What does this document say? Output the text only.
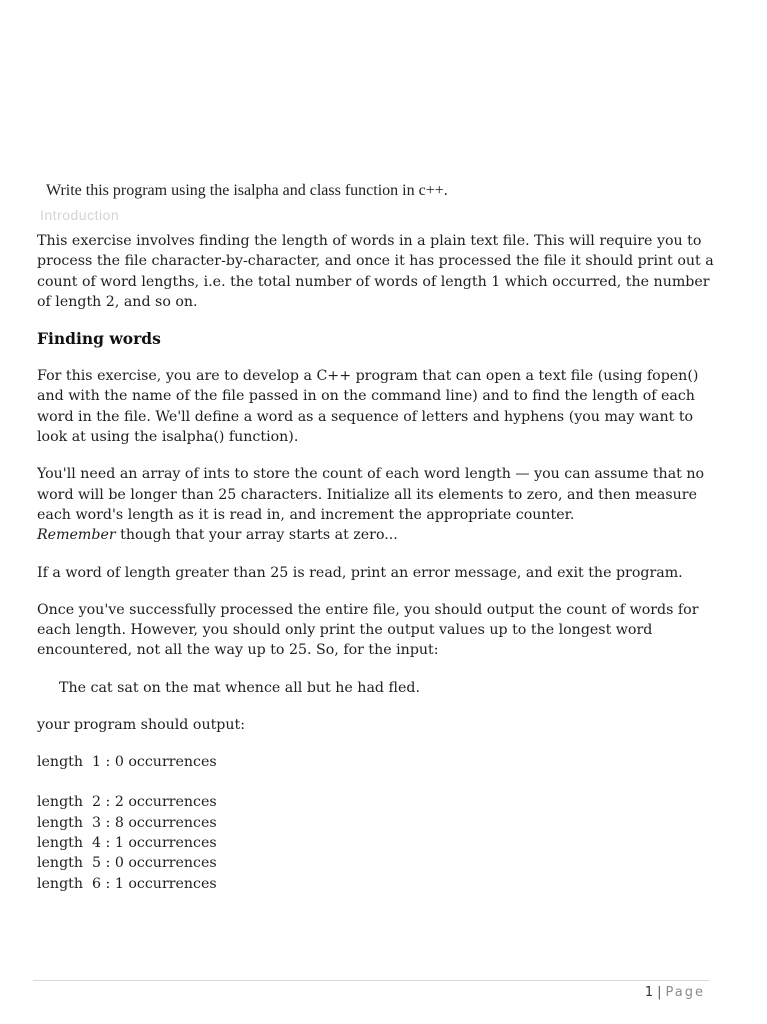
Write this program using the isalpha and class function in c++.

Introduction

This exercise involves finding the length of words in a plain text file. This will require you to process the file character-by-character, and once it has processed the file it should print out a count of word lengths, i.e. the total number of words of length 1 which occurred, the number of length 2, and so on.

Finding words

For this exercise, you are to develop a C++ program that can open a text file (using fopen() and with the name of the file passed in on the command line) and to find the length of each word in the file. We'll define a word as a sequence of letters and hyphens (you may want to look at using the isalpha() function).

You'll need an array of ints to store the count of each word length — you can assume that no word will be longer than 25 characters. Initialize all its elements to zero, and then measure each word's length as it is read in, and increment the appropriate counter.
Remember though that your array starts at zero...

If a word of length greater than 25 is read, print an error message, and exit the program.

Once you've successfully processed the entire file, you should output the count of words for each length. However, you should only print the output values up to the longest word encountered, not all the way up to 25. So, for the input:

The cat sat on the mat whence all but he had fled.

your program should output:

length  1 : 0 occurrences

length  2 : 2 occurrences

length  3 : 8 occurrences

length  4 : 1 occurrences

length  5 : 0 occurrences

length  6 : 1 occurrences

1 | Page
